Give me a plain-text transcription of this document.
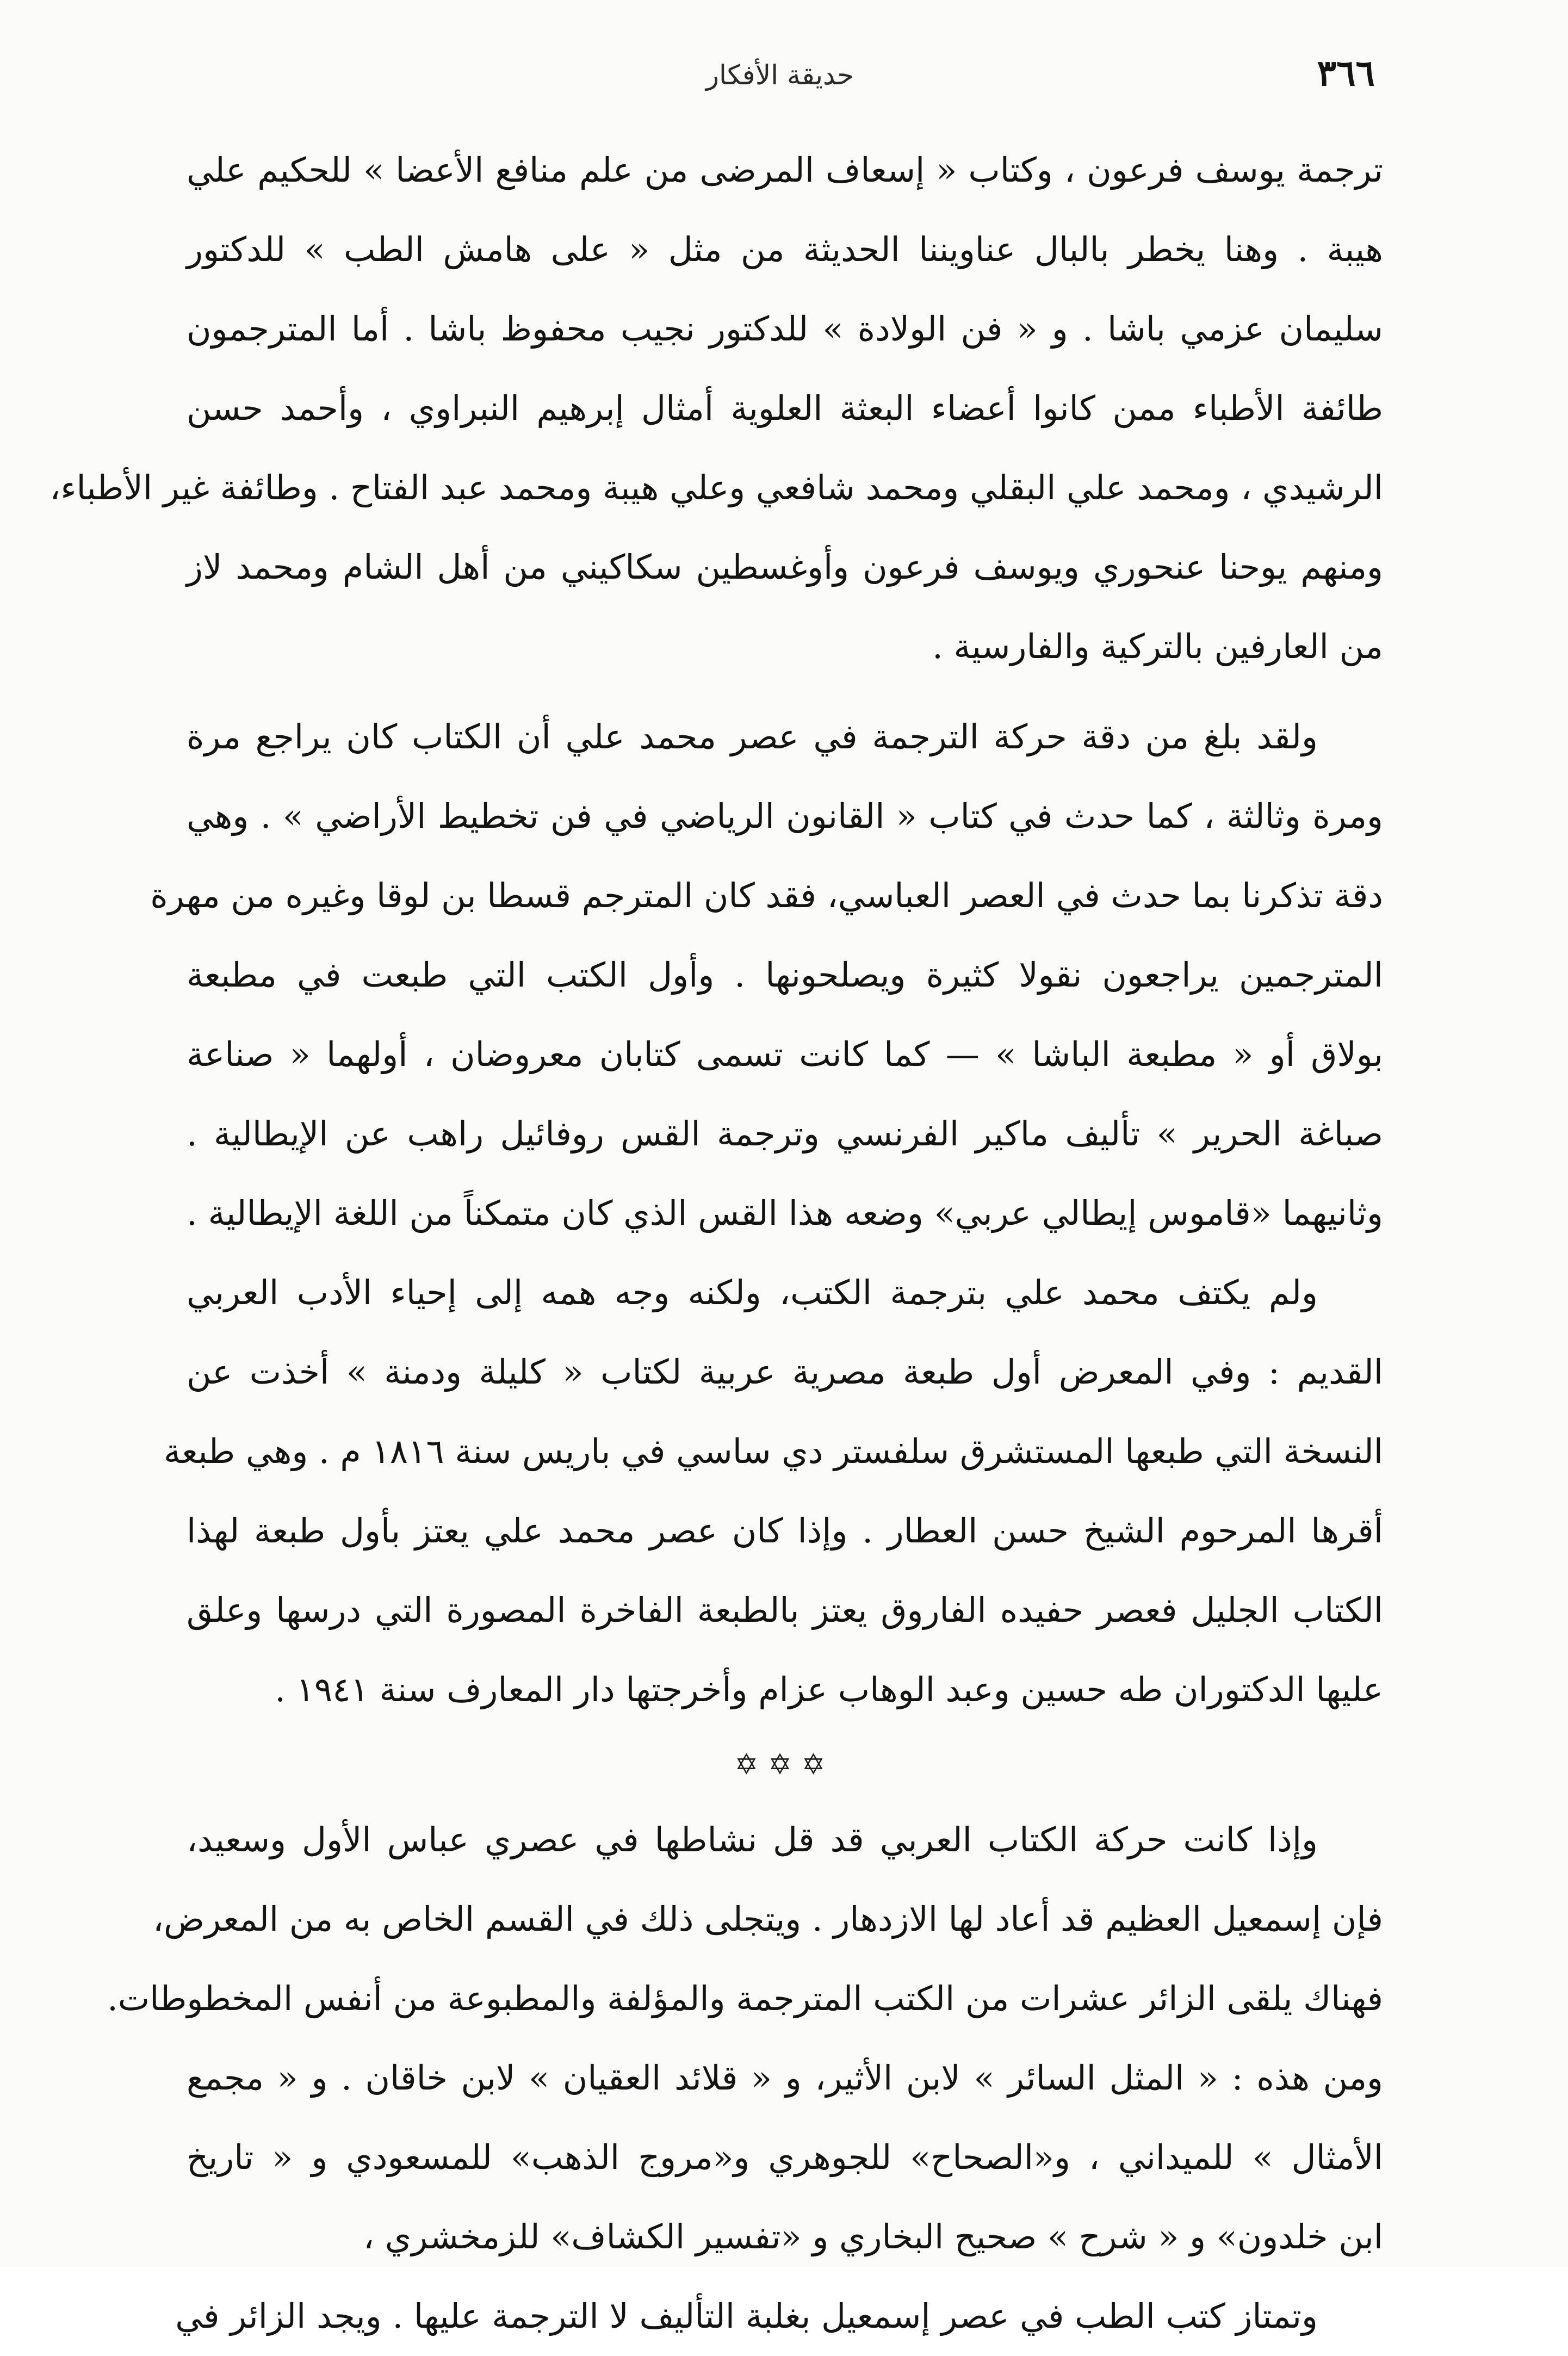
٣٦٦
حديقة الأفكار
ترجمة يوسف فرعون ، وكتاب « إسعاف المرضى من علم منافع الأعضا » للحكيم علي
هيبة . وهنا يخطر بالبال عناويننا الحديثة من مثل « على هامش الطب » للدكتور
سليمان عزمي باشا . و « فن الولادة » للدكتور نجيب محفوظ باشا . أما المترجمون
طائفة الأطباء ممن كانوا أعضاء البعثة العلوية أمثال إبرهيم النبراوي ، وأحمد حسن
الرشيدي ، ومحمد علي البقلي ومحمد شافعي وعلي هيبة ومحمد عبد الفتاح . وطائفة غير الأطباء،
ومنهم يوحنا عنحوري ويوسف فرعون وأوغسطين سكاكيني من أهل الشام ومحمد لاز
من العارفين بالتركية والفارسية .
ولقد بلغ من دقة حركة الترجمة في عصر محمد علي أن الكتاب كان يراجع مرة
ومرة وثالثة ، كما حدث في كتاب « القانون الرياضي في فن تخطيط الأراضي » . وهي
دقة تذكرنا بما حدث في العصر العباسي، فقد كان المترجم قسطا بن لوقا وغيره من مهرة
المترجمين يراجعون نقولا كثيرة ويصلحونها . وأول الكتب التي طبعت في مطبعة
بولاق أو « مطبعة الباشا » — كما كانت تسمى كتابان معروضان ، أولهما « صناعة
صباغة الحرير » تأليف ماكير الفرنسي وترجمة القس روفائيل راهب عن الإيطالية .
وثانيهما «قاموس إيطالي عربي» وضعه هذا القس الذي كان متمكناً من اللغة الإيطالية .
ولم يكتف محمد علي بترجمة الكتب، ولكنه وجه همه إلى إحياء الأدب العربي
القديم : وفي المعرض أول طبعة مصرية عربية لكتاب « كليلة ودمنة » أخذت عن
النسخة التي طبعها المستشرق سلفستر دي ساسي في باريس سنة ١٨١٦ م . وهي طبعة
أقرها المرحوم الشيخ حسن العطار . وإذا كان عصر محمد علي يعتز بأول طبعة لهذا
الكتاب الجليل فعصر حفيده الفاروق يعتز بالطبعة الفاخرة المصورة التي درسها وعلق
عليها الدكتوران طه حسين وعبد الوهاب عزام وأخرجتها دار المعارف سنة ١٩٤١ .
✡✡✡
وإذا كانت حركة الكتاب العربي قد قل نشاطها في عصري عباس الأول وسعيد،
فإن إسمعيل العظيم قد أعاد لها الازدهار . ويتجلى ذلك في القسم الخاص به من المعرض،
فهناك يلقى الزائر عشرات من الكتب المترجمة والمؤلفة والمطبوعة من أنفس المخطوطات.
ومن هذه : « المثل السائر » لابن الأثير، و « قلائد العقيان » لابن خاقان . و « مجمع
الأمثال » للميداني ، و«الصحاح» للجوهري و«مروج الذهب» للمسعودي و « تاريخ
ابن خلدون» و « شرح » صحيح البخاري و «تفسير الكشاف» للزمخشري ،
وتمتاز كتب الطب في عصر إسمعيل بغلبة التأليف لا الترجمة عليها . ويجد الزائر في
